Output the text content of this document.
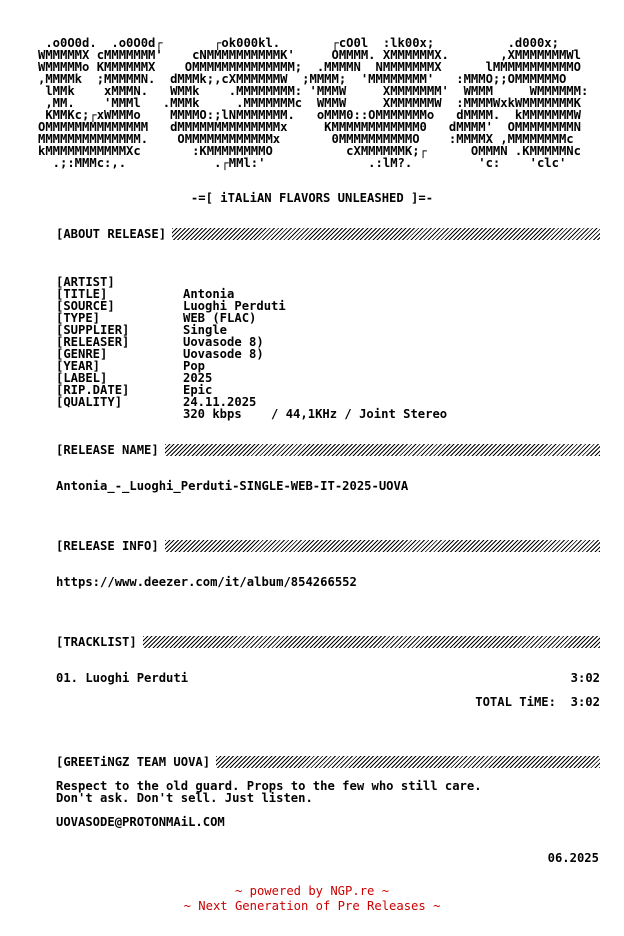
.o0O0d.  .o0O0d┌       ┌ok000kl.       ┌cO0l  :lk00x;          .d000x;
WMMMMMX cMMMMMMM'    cNMMMMMMMMMMK'     OMMMM. XMMMMMMX.       ,XMMMMMMMWl
WMMMMMo KMMMMMMX    OMMMMMMMMMMMMMM;  .MMMMN  NMMMMMMMX      lMMMMMMMMMMMO
,MMMMk  ;MMMMMN.  dMMMk;,cXMMMMMMW  ;MMMM;  'MMMMMMMM'   :MMMO;;OMMMMMMO
lMMk    xMMMN.   WMMk    .MMMMMMMM: 'MMMW     XMMMMMMM'  WMMM     WMMMMMM:
,MM.    'MMMl   .MMMk     .MMMMMMMc  WMMW     XMMMMMMW  :MMMMWxkWMMMMMMMK
KMMKc;┌xWMMMo    MMMMO:;lNMMMMMMM.   oMMM0::OMMMMMMMo   dMMMM.  kMMMMMMMW
OMMMMMMMMMMMMMM   dMMMMMMMMMMMMMMx     KMMMMMMMMMMMM0   dMMMM'  OMMMMMMMMN
MMMMMMMMMMMMMM.    OMMMMMMMMMMMMx       0MMMMMMMMMMO    :MMMMX ,MMMMMMMMc
kMMMMMMMMMMMXc       :KMMMMMMMMO          cXMMMMMMK;┌      OMMMN .KMMMMMNc
.;:MMMc:,.            .┌MMl:'              .:lM?.         'c:    'clc'
-=[ iTALiAN FLAVORS UNLEASHED ]=-
[ABOUT RELEASE]

[ARTIST]

Antonia

[TITLE]

Luoghi Perduti

[SOURCE]

WEB (FLAC)

[TYPE]

Single

[SUPPLIER]

Uovasode 8)

[RELEASER]

Uovasode 8)

[GENRE]

Pop

[YEAR]

2025

[LABEL]

Epic

[RIP.DATE]

24.11.2025

[QUALITY]

320 kbps    / 44,1KHz / Joint Stereo

[RELEASE NAME]
Antonia_-_Luoghi_Perduti-SINGLE-WEB-IT-2025-UOVA
[RELEASE INFO]
https://www.deezer.com/it/album/854266552
[TRACKLIST]
01. Luoghi Perduti	3:02
TOTAL TiME:  3:02
[GREETiNGZ TEAM UOVA]
Respect to the old guard. Props to the few who still care.
Don't ask. Don't sell. Just listen.
UOVASODE@PROTONMAiL.COM
06.2025
~ powered by NGP.re ~
~ Next Generation of Pre Releases ~
